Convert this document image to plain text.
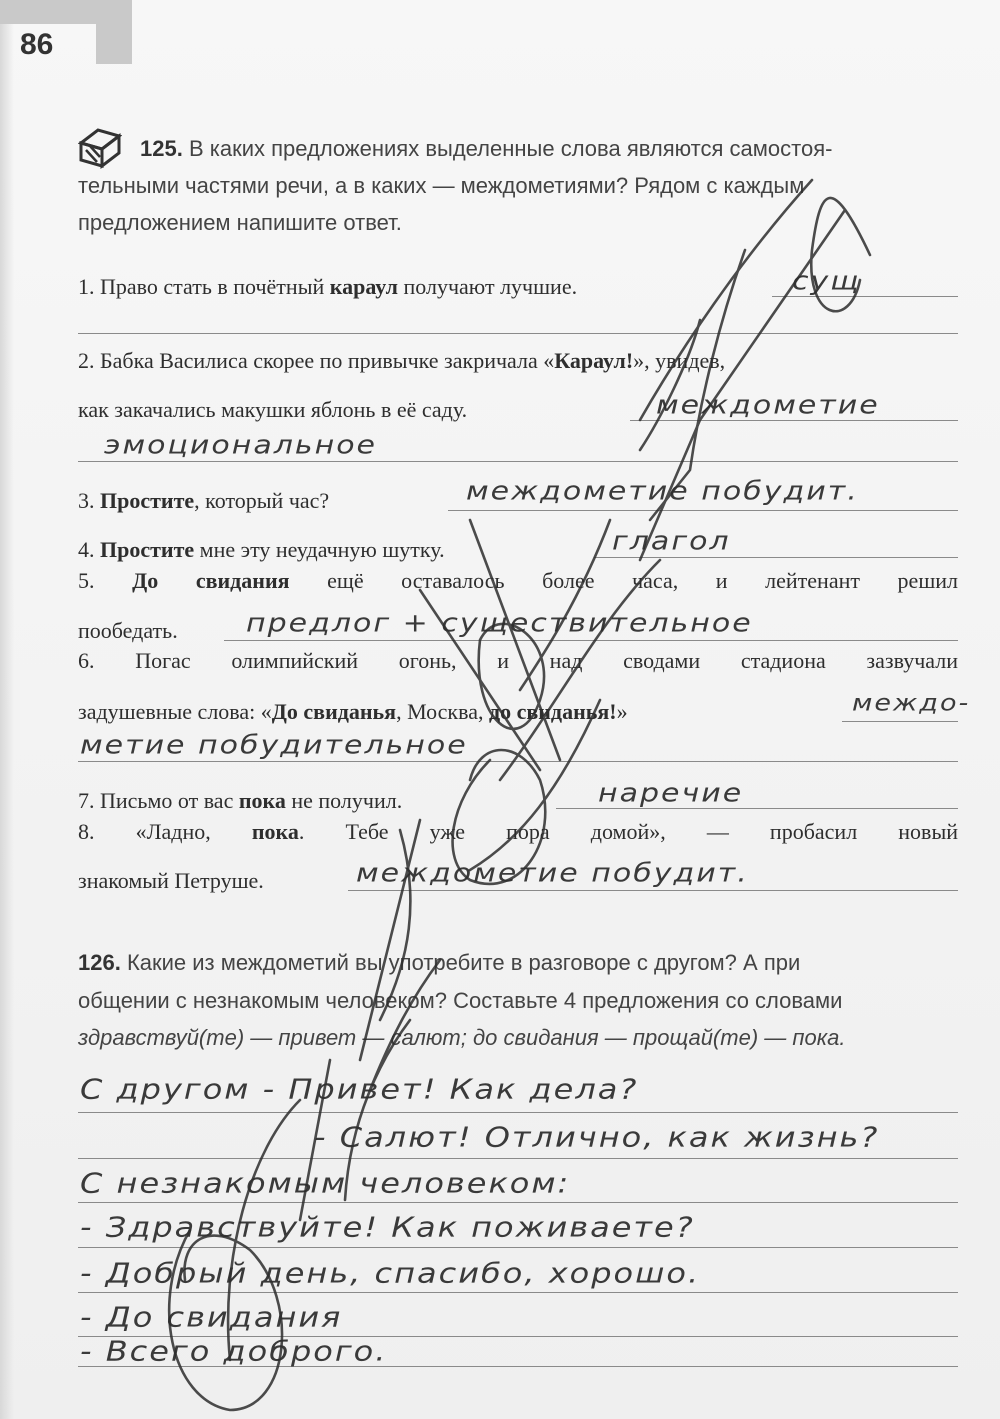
86
125. В каких предложениях выделенные слова являются самостоя-
тельными частями речи, а в каких — междометиями? Рядом с каждым
предложением напишите ответ.
1. Право стать в почётный караул получают лучшие.
2. Бабка Василиса скорее по привычке закричала «Караул!», увидев,
как закачались макушки яблонь в её саду.
3. Простите, который час?
4. Простите мне эту неудачную шутку.
5. До свидания ещё оставалось более часа, и лейтенант решил
пообедать.
6. Погас олимпийский огонь, и над сводами стадиона зазвучали
задушевные слова: «До свиданья, Москва, до свиданья!»
7. Письмо от вас пока не получил.
8. «Ладно, пока. Тебе уже пора домой», — пробасил новый
знакомый Петруше.
126. Какие из междометий вы употребите в разговоре с другом? А при
общении с незнакомым человеком? Составьте 4 предложения со словами
здравствуй(те) — привет — салют; до свидания — прощай(те) — пока.
сущ
междометие
эмоциональное
междометие побудит.
глагол
предлог + существительное
междо-
метие побудительное
наречие
междометие побудит.
С другом - Привет! Как дела?
- Салют! Отлично, как жизнь?
С незнакомым человеком:
- Здравствуйте! Как поживаете?
- Добрый день, спасибо, хорошо.
- До свидания
- Всего доброго.
